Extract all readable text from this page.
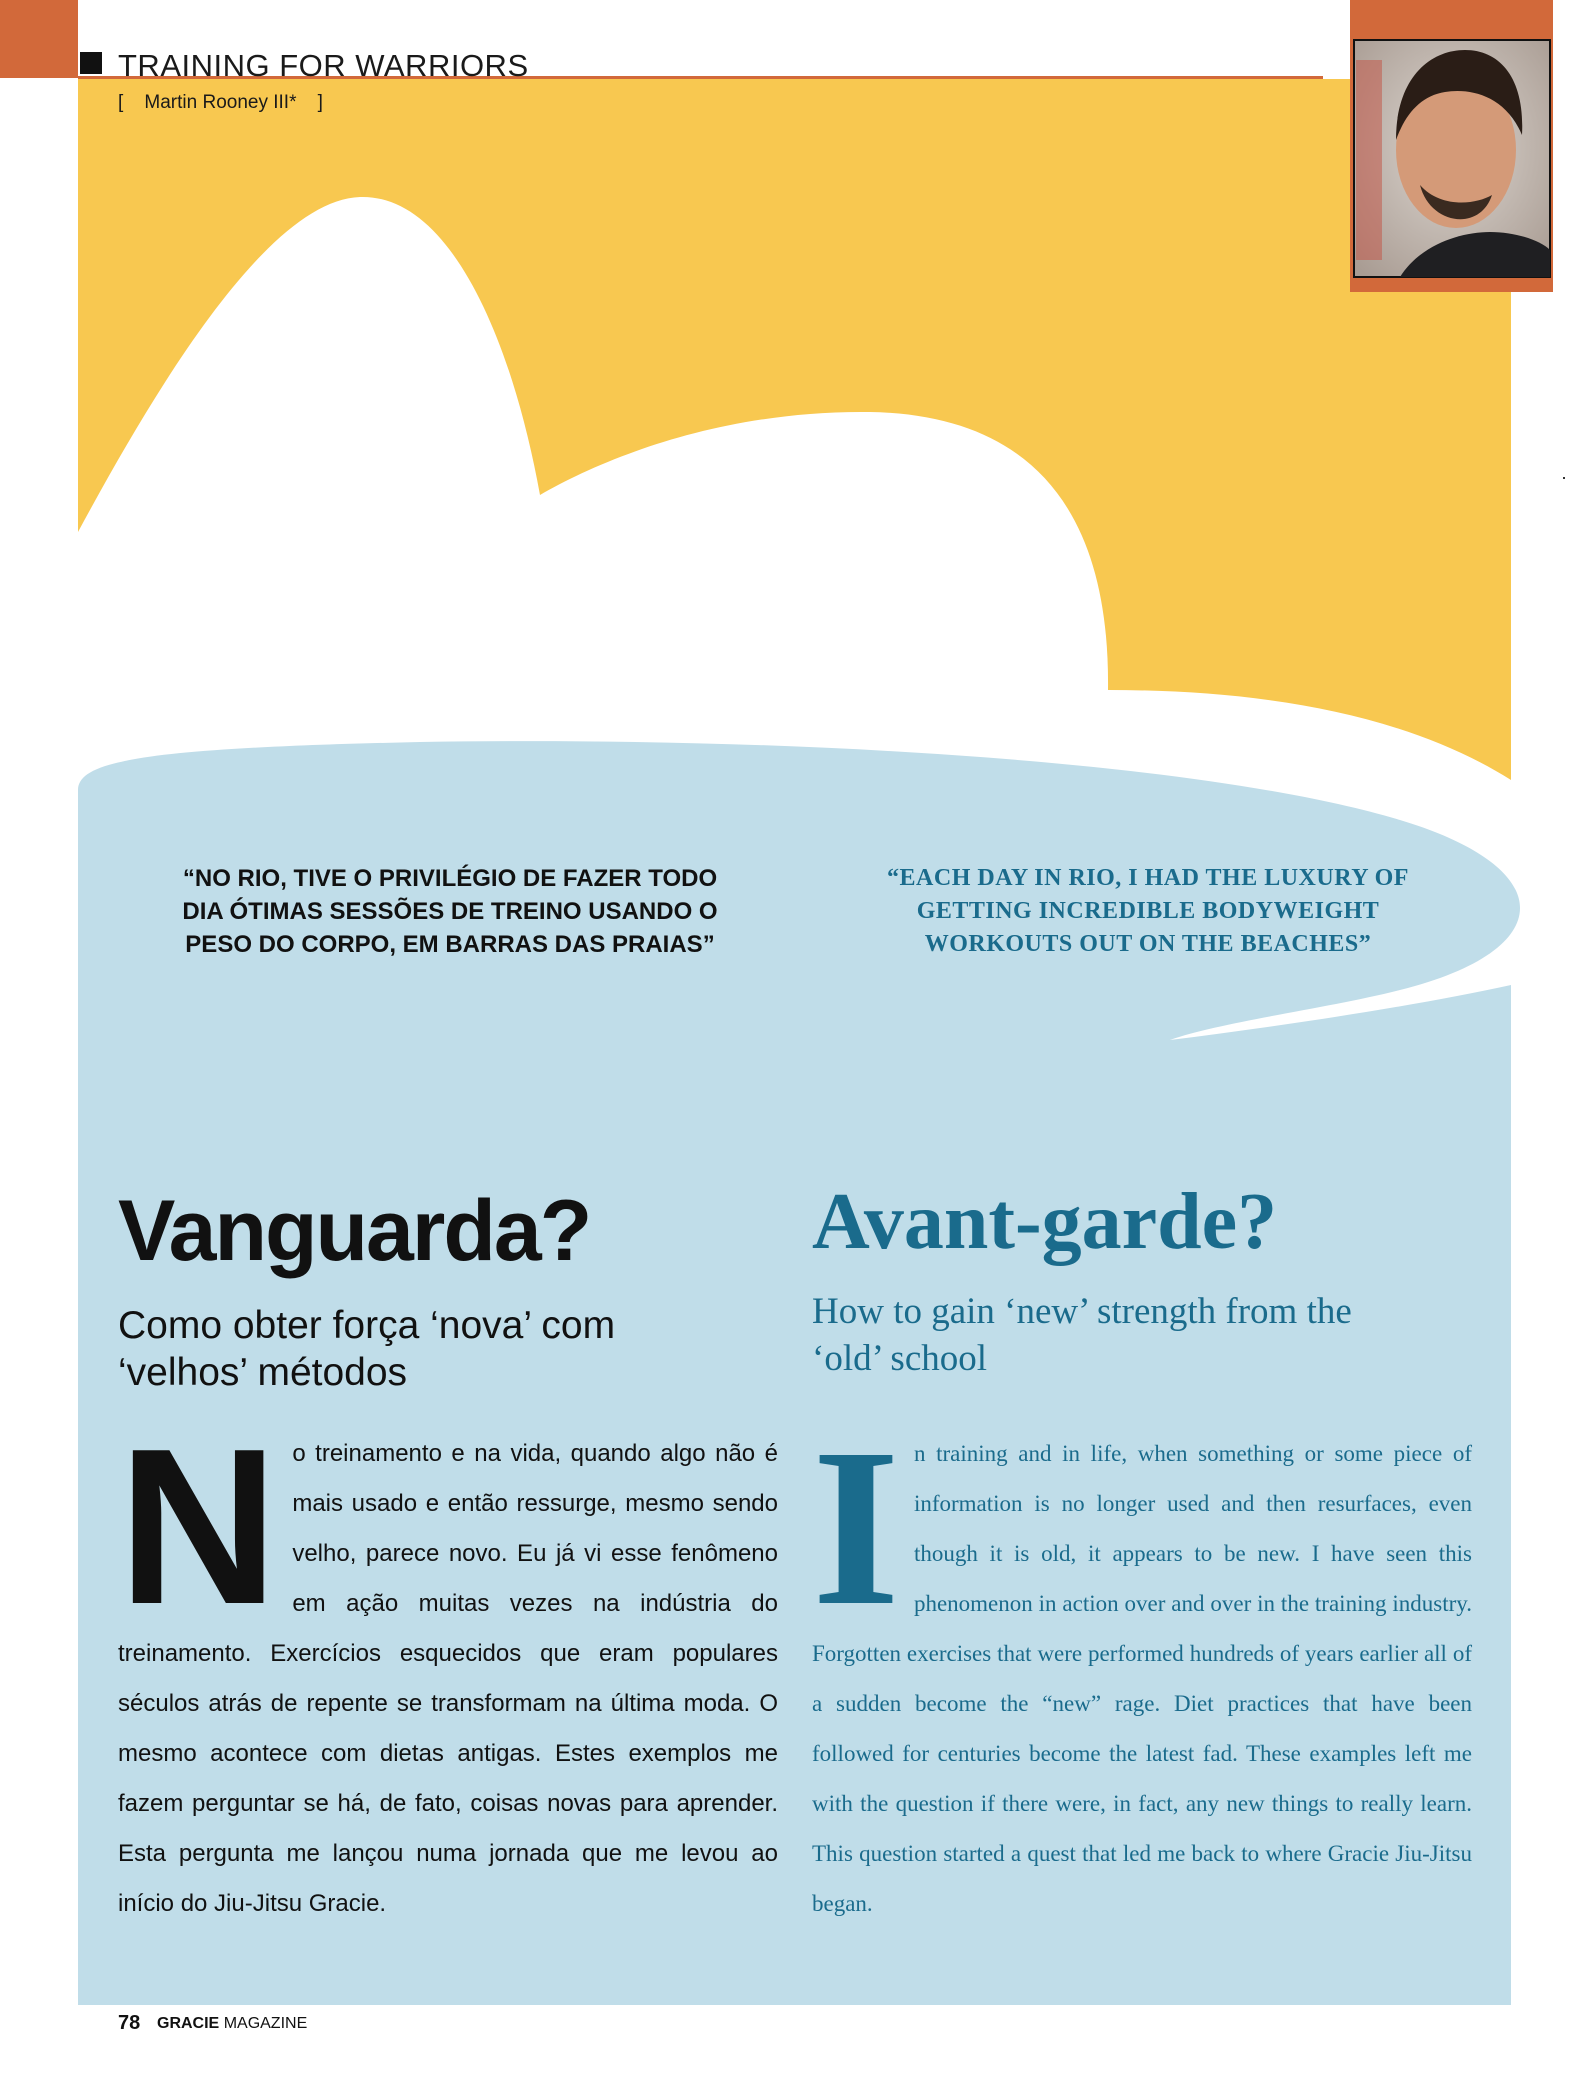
TRAINING FOR WARRIORS
[ Martin Rooney III* ]
“NO RIO, TIVE O PRIVILÉGIO DE FAZER TODO DIA ÓTIMAS SESSÕES DE TREINO USANDO O PESO DO CORPO, EM BARRAS DAS PRAIAS”
“EACH DAY IN RIO, I HAD THE LUXURY OF GETTING INCREDIBLE BODYWEIGHT WORKOUTS OUT ON THE BEACHES”
Vanguarda?
Como obter força ‘nova’ com ‘velhos’ métodos
Avant-garde?
How to gain ‘new’ strength from the ‘old’ school
No treinamento e na vida, quando algo não é mais usado e então ressurge, mesmo sendo velho, parece novo. Eu já vi esse fenômeno em ação muitas vezes na indústria do treinamento. Exercícios esquecidos que eram populares séculos atrás de repente se transformam na última moda. O mesmo acontece com dietas antigas. Estes exemplos me fazem perguntar se há, de fato, coisas novas para aprender. Esta pergunta me lançou numa jornada que me levou ao início do Jiu-Jitsu Gracie.
In training and in life, when something or some piece of information is no longer used and then resurfaces, even though it is old, it appears to be new. I have seen this phenomenon in action over and over in the training industry. Forgotten exercises that were performed hundreds of years earlier all of a sudden become the “new” rage. Diet practices that have been followed for centuries become the latest fad. These examples left me with the question if there were, in fact, any new things to really learn. This question started a quest that led me back to where Gracie Jiu-Jitsu began.
78 GRACIE MAGAZINE
